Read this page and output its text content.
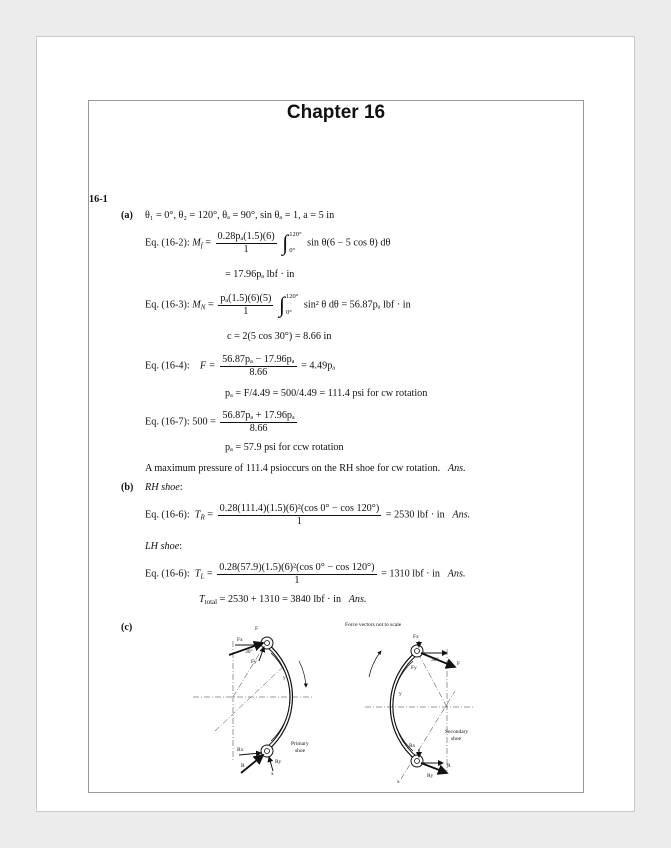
Chapter 16
16-1
(a) θ₁ = 0°, θ₂ = 120°, θₐ = 90°, sin θₐ = 1, a = 5 in
Eq. (16-2): $M_f = \frac{\text{0.28pₐ(1.5)(6)}}{1}$ ∫ 120°
0°
sin θ(6 − 5 cos θ) dθ
= 17.96pₐ lbf · in
Eq. (16-3): $M_N = \frac{\text{pₐ(1.5)(6)(5)}}{1}$ ∫ 120°
0°
sin² θ dθ = 56.87pₐ lbf · in
c = 2(5 cos 30°) = 8.66 in
Eq. (16-4): $F = \frac{\text{56.87pₐ − 17.96pₐ}}{8.66} = 4.49p_a$
pₐ = F/4.49 = 500/4.49 = 111.4 psi for cw rotation
Eq. (16-7): $500 = \frac{\text{56.87pₐ + 17.96pₐ}}{8.66}$
pₐ = 57.9 psi for ccw rotation
A maximum pressure of 111.4 psioccurs on the RH shoe for cw rotation. Ans.
(b) RH shoe:
Eq. (16-6): $T_R = \frac{\text{0.28(111.4)(1.5)(6)²(cos 0° − cos 120°)}}{1} = 2530$ lbf · in Ans.
LH shoe:
Eq. (16-6): $T_L = \frac{\text{0.28(57.9)(1.5)(6)²(cos 0° − cos 120°)}}{1} = 1310$ lbf · in Ans.
$T_{total} = 2530 + 1310 = 3840$ lbf · in Ans.
(c)	F
Fx
30°
Fy
y
Rx
R
Ry
x
Primary
shoe
Force vectors not to scale
Fx
F
30°
Fy
y
Rx
R
Ry
x
Secondary
shoe
